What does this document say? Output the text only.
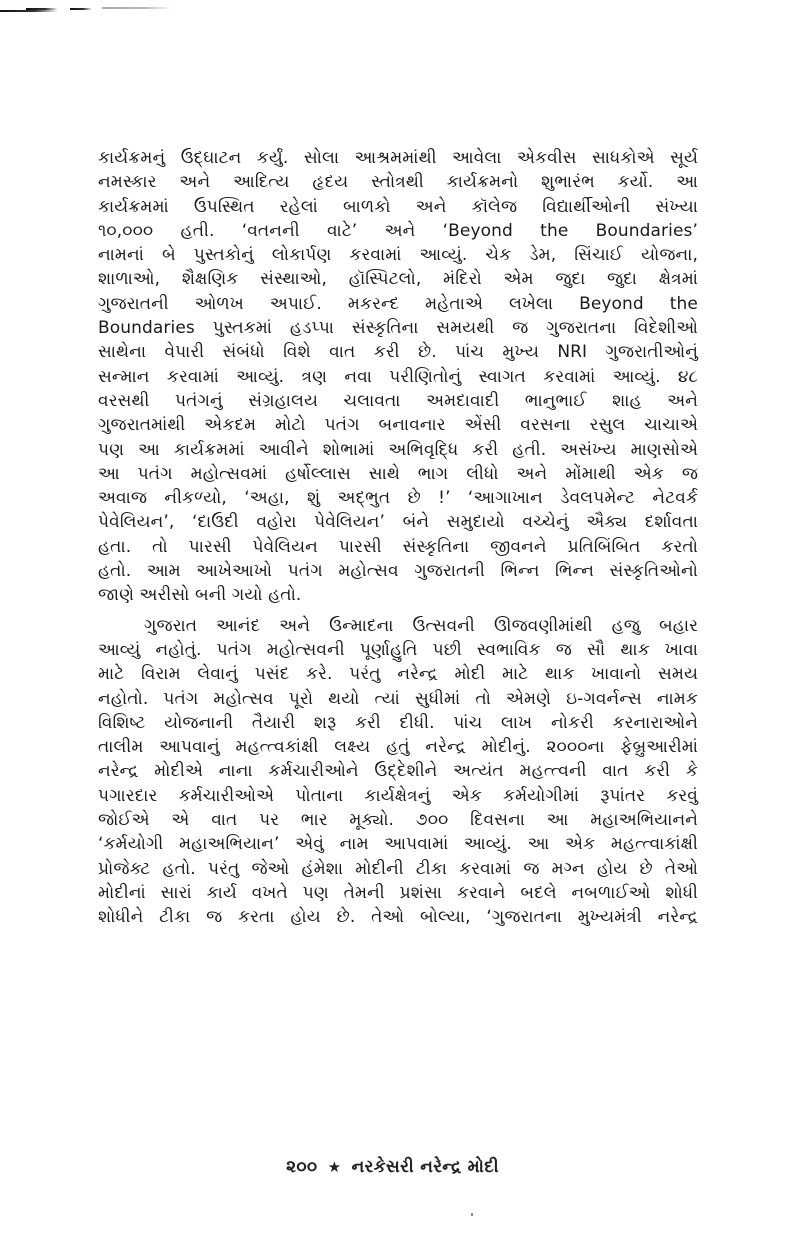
કાર્યક્રમનું ઉદ્ઘાટન કર્યું. સોલા આશ્રમમાંથી આવેલા એકવીસ સાધકોએ સૂર્ય
નમસ્કાર અને આદિત્ય હૃદય સ્તોત્રથી કાર્યક્રમનો શુભારંભ કર્યો. આ
કાર્યક્રમમાં ઉપસ્થિત રહેલાં બાળકો અને કૉલેજ વિદ્યાર્થીઓની સંખ્યા
૧૦,૦૦૦ હતી. ‘વતનની વાટે’ અને ‘Beyond the Boundaries’
નામનાં બે પુસ્તકોનું લોકાર્પણ કરવામાં આવ્યું. ચેક ડેમ, સિંચાઈ યોજના,
શાળાઓ, શૈક્ષણિક સંસ્થાઓ, હૉસ્પિટલો, મંદિરો એમ જુદા જુદા ક્ષેત્રમાં
ગુજરાતની ઓળખ અપાઈ. મકરન્દ મહેતાએ લખેલા Beyond the
Boundaries પુસ્તકમાં હડપ્પા સંસ્કૃતિના સમયથી જ ગુજરાતના વિદેશીઓ
સાથેના વેપારી સંબંધો વિશે વાત કરી છે. પાંચ મુખ્ય NRI ગુજરાતીઓનું
સન્માન કરવામાં આવ્યું. ત્રણ નવા પરીણિતોનું સ્વાગત કરવામાં આવ્યું. ૪૮
વરસથી પતંગનું સંગ્રહાલય ચલાવતા અમદાવાદી ભાનુભાઈ શાહ અને
ગુજરાતમાંથી એકદમ મોટો પતંગ બનાવનાર એંસી વરસના રસુલ ચાચાએ
પણ આ કાર્યક્રમમાં આવીને શોભામાં અભિવૃદ્ધિ કરી હતી. અસંખ્ય માણસોએ
આ પતંગ મહોત્સવમાં હર્ષોલ્લાસ સાથે ભાગ લીધો અને મોંમાથી એક જ
અવાજ નીકળ્યો, ‘અહા, શું અદ્ભુત છે !’ ‘આગાખાન ડેવલપમેન્ટ નેટવર્ક
પેવેલિયન’, ‘દાઉદી વહોરા પેવેલિયન’ બંને સમુદાયો વચ્ચેનું ઐક્ય દર્શાવતા
હતા. તો પારસી પેવેલિયન પારસી સંસ્કૃતિના જીવનને પ્રતિબિંબિત કરતો
હતો. આમ આખેઆખો પતંગ મહોત્સવ ગુજરાતની ભિન્ન ભિન્ન સંસ્કૃતિઓનો
જાણે અરીસો બની ગયો હતો.

ગુજરાત આનંદ અને ઉન્માદના ઉત્સવની ઊજવણીમાંથી હજુ બહાર
આવ્યું નહોતું. પતંગ મહોત્સવની પૂર્ણાહુતિ પછી સ્વભાવિક જ સૌ થાક ખાવા
માટે વિરામ લેવાનું પસંદ કરે. પરંતુ નરેન્દ્ર મોદી માટે થાક ખાવાનો સમય
નહોતો. પતંગ મહોત્સવ પૂરો થયો ત્યાં સુધીમાં તો એમણે ઇ-ગવર્નન્સ નામક
વિશિષ્ટ યોજનાની તૈયારી શરૂ કરી દીધી. પાંચ લાખ નોકરી કરનારાઓને
તાલીમ આપવાનું મહત્ત્વકાંક્ષી લક્ષ્ય હતું નરેન્દ્ર મોદીનું. ૨૦૦૦ના ફેબ્રુઆરીમાં
નરેન્દ્ર મોદીએ નાના કર્મચારીઓને ઉદ્દેશીને અત્યંત મહત્ત્વની વાત કરી કે
પગારદાર કર્મચારીઓએ પોતાના કાર્યક્ષેત્રનું એક કર્મયોગીમાં રૂપાંતર કરવું
જોઈએ એ વાત પર ભાર મૂક્યો. ૭૦૦ દિવસના આ મહાઅભિયાનને
‘કર્મયોગી મહાઅભિયાન’ એવું નામ આપવામાં આવ્યું. આ એક મહત્ત્વાકાંક્ષી
પ્રોજેક્ટ હતો. પરંતુ જેઓ હંમેશા મોદીની ટીકા કરવામાં જ મગ્ન હોય છે તેઓ
મોદીનાં સારાં કાર્ય વખતે પણ તેમની પ્રશંસા કરવાને બદલે નબળાઈઓ શોધી
શોધીને ટીકા જ કરતા હોય છે. તેઓ બોલ્યા, ‘ગુજરાતના મુખ્યમંત્રી નરેન્દ્ર

૨૦૦ ★ નરકેસરી નરેન્દ્ર મોદી
